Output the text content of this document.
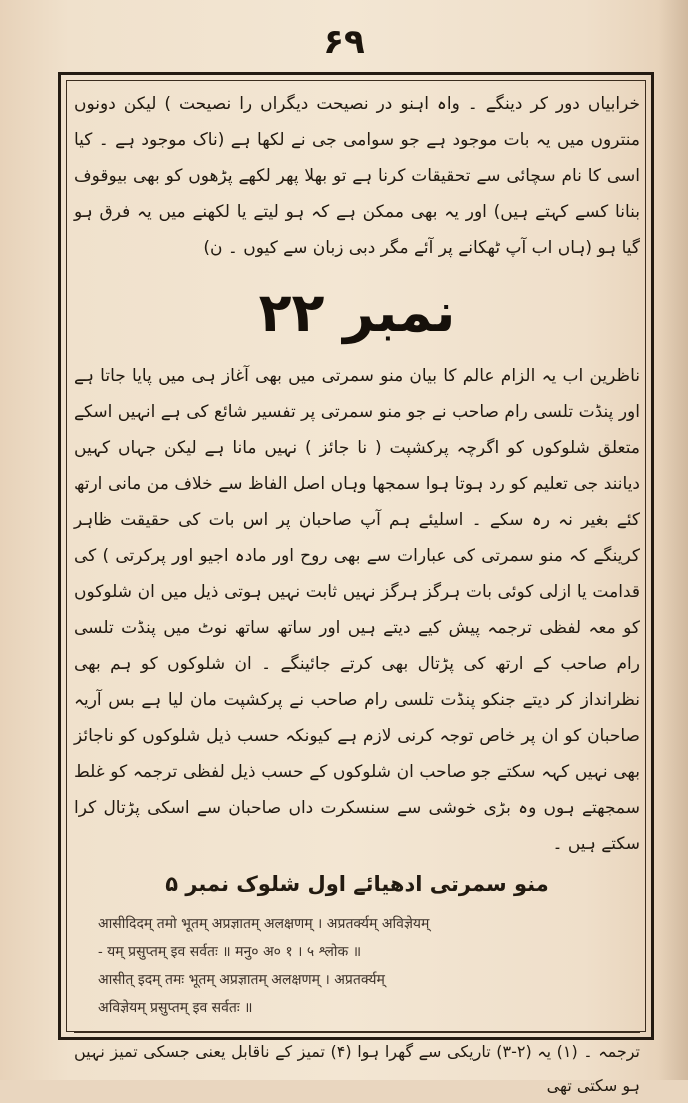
۶۹

خرابیاں دور کر دینگے ۔ واہ اہنو در نصیحت دیگراں را نصیحت ) لیکن دونوں منتروں میں یہ بات موجود ہے جو سوامی جی نے لکھا ہے (ناک موجود ہے ۔ کیا اسی کا نام سچائی سے تحقیقات کرنا ہے تو بھلا پھر لکھے پڑھوں کو بھی بیوقوف بنانا کسے کہتے ہیں) اور یہ بھی ممکن ہے کہ ہو لیتے یا لکھنے میں یہ فرق ہو گیا ہو (ہاں اب آپ ٹھکانے پر آئے مگر دبی زبان سے کیوں ۔ ن)

نمبر ۲۲

ناظرین اب یہ الزام عالم کا بیان منو سمرتی میں بھی آغاز ہی میں پایا جاتا ہے اور پنڈت تلسی رام صاحب نے جو منو سمرتی پر تفسیر شائع کی ہے انہیں اسکے متعلق شلوکوں کو اگرچہ پرکشپت ( نا جائز ) نہیں مانا ہے لیکن جہاں کہیں دیانند جی تعلیم کو رد ہوتا ہوا سمجھا وہاں اصل الفاظ سے خلاف من مانی ارتھ کئے بغیر نہ رہ سکے ۔ اسلیئے ہم آپ صاحبان پر اس بات کی حقیقت ظاہر کرینگے کہ منو سمرتی کی عبارات سے بھی روح اور مادہ اجیو اور پرکرتی ) کی قدامت یا ازلی کوئی بات ہرگز ہرگز نہیں ثابت نہیں ہوتی ذیل میں ان شلوکوں کو معہ لفظی ترجمہ پیش کیے دیتے ہیں اور ساتھ ساتھ نوٹ میں پنڈت تلسی رام صاحب کے ارتھ کی پڑتال بھی کرتے جائینگے ۔ ان شلوکوں کو ہم بھی نظرانداز کر دیتے جنکو پنڈت تلسی رام صاحب نے پرکشپت مان لیا ہے بس آریہ صاحبان کو ان پر خاص توجہ کرنی لازم ہے کیونکہ حسب ذیل شلوکوں کو ناجائز بھی نہیں کہہ سکتے جو صاحب ان شلوکوں کے حسب ذیل لفظی ترجمہ کو غلط سمجھتے ہوں وہ بڑی خوشی سے سنسکرت داں صاحبان سے اسکی پڑتال کرا سکتے ہیں ۔

منو سمرتی ادھیائے اول شلوک نمبر ۵
आसीदिदम् तमो भूतम् अप्रज्ञातम् अलक्षणम् । अप्रतर्क्यम् अविज्ञेयम्
- यम् प्रसुप्तम् इव सर्वतः ॥ मनु० अ० १ । ५ श्लोक ॥
आसीत् इदम् तमः भूतम् अप्रज्ञातम् अलक्षणम् । अप्रतर्क्यम्
अविज्ञेयम् प्रसुप्तम् इव सर्वतः ॥

ترجمہ ۔ (۱) یہ (۲-۳) تاریکی سے گھرا ہوا (۴) تمیز کے ناقابل یعنی جسکی تمیز نہیں ہو سکتی تھی
